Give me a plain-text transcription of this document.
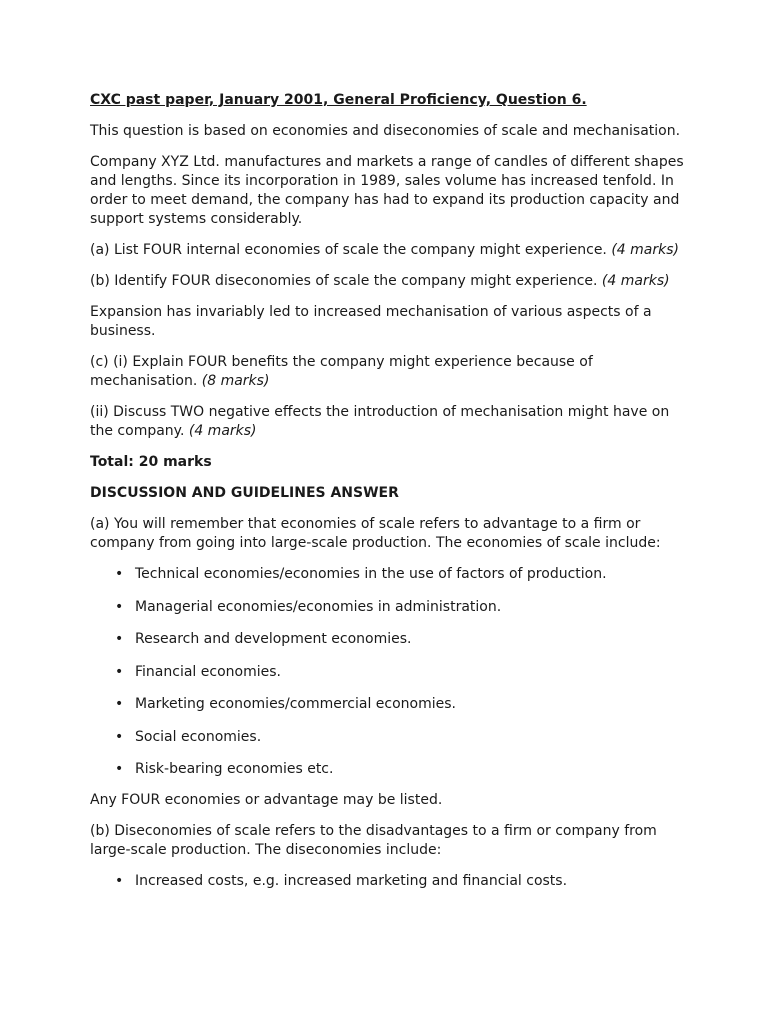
CXC past paper, January 2001, General Proficiency, Question 6.

This question is based on economies and diseconomies of scale and mechanisation.

Company XYZ Ltd. manufactures and markets a range of candles of different shapes and lengths. Since its incorporation in 1989, sales volume has increased tenfold. In order to meet demand, the company has had to expand its production capacity and support systems considerably.

(a) List FOUR internal economies of scale the company might experience. (4 marks)

(b) Identify FOUR diseconomies of scale the company might experience. (4 marks)

Expansion has invariably led to increased mechanisation of various aspects of a business.

(c) (i) Explain FOUR benefits the company might experience because of mechanisation. (8 marks)

(ii) Discuss TWO negative effects the introduction of mechanisation might have on the company. (4 marks)

Total: 20 marks

DISCUSSION AND GUIDELINES ANSWER

(a) You will remember that economies of scale refers to advantage to a firm or company from going into large-scale production. The economies of scale include:

• Technical economies/economies in the use of factors of production.
• Managerial economies/economies in administration.
• Research and development economies.
• Financial economies.
• Marketing economies/commercial economies.
• Social economies.
• Risk-bearing economies etc.

Any FOUR economies or advantage may be listed.

(b) Diseconomies of scale refers to the disadvantages to a firm or company from large-scale production. The diseconomies include:

• Increased costs, e.g. increased marketing and financial costs.
